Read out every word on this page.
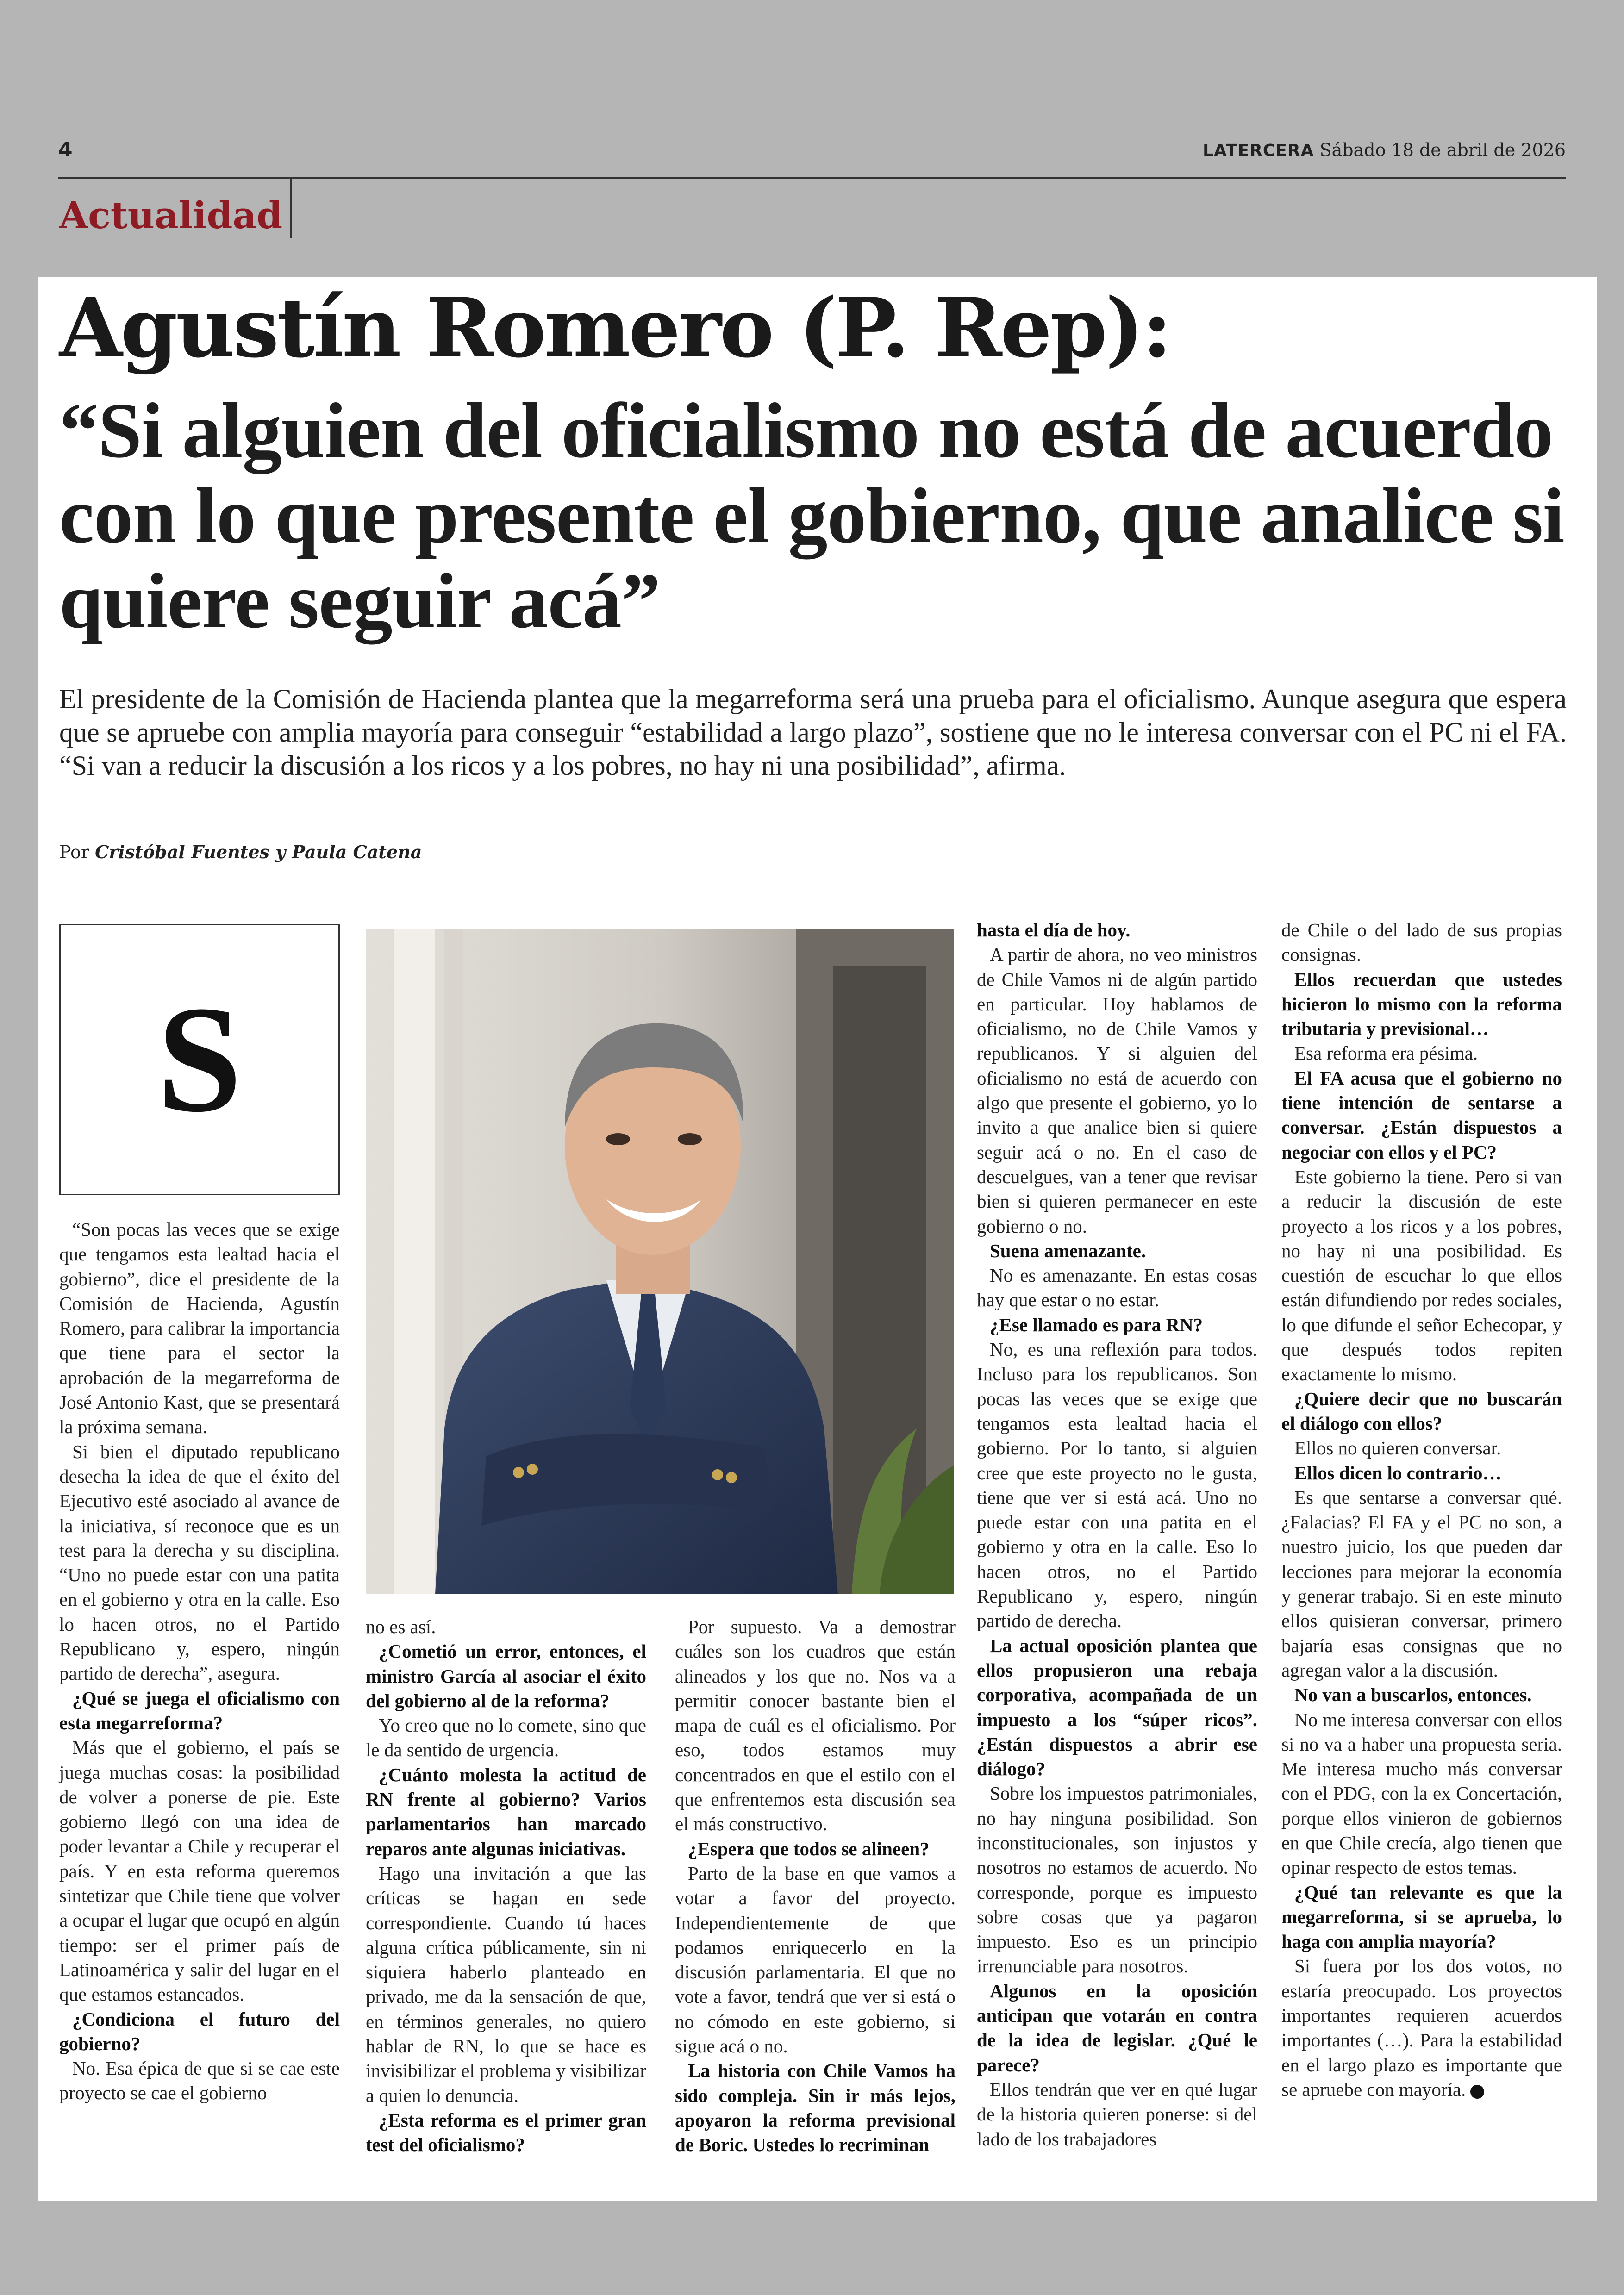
4	LATERCERA Sábado 18 de abril de 2026
Actualidad
Agustín Romero (P. Rep):
“Si alguien del oficialismo no está de acuerdo con lo que presente el gobierno, que analice si quiere seguir acá”

El presidente de la Comisión de Hacienda plantea que la megarreforma será una prueba para el oficialismo. Aunque asegura que espera que se apruebe con amplia mayoría para conseguir “estabilidad a largo plazo”, sostiene que no le interesa conversar con el PC ni el FA. “Si van a reducir la discusión a los ricos y a los pobres, no hay ni una posibilidad”, afirma.

Por Cristóbal Fuentes y Paula Catena
S

“Son pocas las veces que se exige que tengamos esta lealtad hacia el gobierno”, dice el presidente de la Comisión de Hacienda, Agustín Romero, para calibrar la importancia que tiene para el sector la aprobación de la megarreforma de José Antonio Kast, que se presentará la próxima semana.

Si bien el diputado republicano desecha la idea de que el éxito del Ejecutivo esté asociado al avance de la iniciativa, sí reconoce que es un test para la derecha y su disciplina. “Uno no puede estar con una patita en el gobierno y otra en la calle. Eso lo hacen otros, no el Partido Republicano y, espero, ningún partido de derecha”, asegura.

¿Qué se juega el oficialismo con esta megarreforma?

Más que el gobierno, el país se juega muchas cosas: la posibilidad de volver a ponerse de pie. Este gobierno llegó con una idea de poder levantar a Chile y recuperar el país. Y en esta reforma queremos sintetizar que Chile tiene que volver a ocupar el lugar que ocupó en algún tiempo: ser el primer país de Latinoamérica y salir del lugar en el que estamos estancados.

¿Condiciona el futuro del gobierno?

No. Esa épica de que si se cae este proyecto se cae el gobierno

no es así.

¿Cometió un error, entonces, el ministro García al asociar el éxito del gobierno al de la reforma?

Yo creo que no lo comete, sino que le da sentido de urgencia.

¿Cuánto molesta la actitud de RN frente al gobierno? Varios parlamentarios han marcado reparos ante algunas iniciativas.

Hago una invitación a que las críticas se hagan en sede correspondiente. Cuando tú haces alguna crítica públicamente, sin ni siquiera haberlo planteado en privado, me da la sensación de que, en términos generales, no quiero hablar de RN, lo que se hace es invisibilizar el problema y visibilizar a quien lo denuncia.

¿Esta reforma es el primer gran test del oficialismo?

Por supuesto. Va a demostrar cuáles son los cuadros que están alineados y los que no. Nos va a permitir conocer bastante bien el mapa de cuál es el oficialismo. Por eso, todos estamos muy concentrados en que el estilo con el que enfrentemos esta discusión sea el más constructivo.

¿Espera que todos se alineen?

Parto de la base en que vamos a votar a favor del proyecto. Independientemente de que podamos enriquecerlo en la discusión parlamentaria. El que no vote a favor, tendrá que ver si está o no cómodo en este gobierno, si sigue acá o no.

La historia con Chile Vamos ha sido compleja. Sin ir más lejos, apoyaron la reforma previsional de Boric. Ustedes lo recriminan

hasta el día de hoy.

A partir de ahora, no veo ministros de Chile Vamos ni de algún partido en particular. Hoy hablamos de oficialismo, no de Chile Vamos y republicanos. Y si alguien del oficialismo no está de acuerdo con algo que presente el gobierno, yo lo invito a que analice bien si quiere seguir acá o no. En el caso de descuelgues, van a tener que revisar bien si quieren permanecer en este gobierno o no.

Suena amenazante.

No es amenazante. En estas cosas hay que estar o no estar.

¿Ese llamado es para RN?

No, es una reflexión para todos. Incluso para los republicanos. Son pocas las veces que se exige que tengamos esta lealtad hacia el gobierno. Por lo tanto, si alguien cree que este proyecto no le gusta, tiene que ver si está acá. Uno no puede estar con una patita en el gobierno y otra en la calle. Eso lo hacen otros, no el Partido Republicano y, espero, ningún partido de derecha.

La actual oposición plantea que ellos propusieron una rebaja corporativa, acompañada de un impuesto a los “súper ricos”. ¿Están dispuestos a abrir ese diálogo?

Sobre los impuestos patrimoniales, no hay ninguna posibilidad. Son inconstitucionales, son injustos y nosotros no estamos de acuerdo. No corresponde, porque es impuesto sobre cosas que ya pagaron impuesto. Eso es un principio irrenunciable para nosotros.

Algunos en la oposición anticipan que votarán en contra de la idea de legislar. ¿Qué le parece?

Ellos tendrán que ver en qué lugar de la historia quieren ponerse: si del lado de los trabajadores

de Chile o del lado de sus propias consignas.

Ellos recuerdan que ustedes hicieron lo mismo con la reforma tributaria y previsional…

Esa reforma era pésima.

El FA acusa que el gobierno no tiene intención de sentarse a conversar. ¿Están dispuestos a negociar con ellos y el PC?

Este gobierno la tiene. Pero si van a reducir la discusión de este proyecto a los ricos y a los pobres, no hay ni una posibilidad. Es cuestión de escuchar lo que ellos están difundiendo por redes sociales, lo que difunde el señor Echecopar, y que después todos repiten exactamente lo mismo.

¿Quiere decir que no buscarán el diálogo con ellos?

Ellos no quieren conversar.

Ellos dicen lo contrario…

Es que sentarse a conversar qué. ¿Falacias? El FA y el PC no son, a nuestro juicio, los que pueden dar lecciones para mejorar la economía y generar trabajo. Si en este minuto ellos quisieran conversar, primero bajaría esas consignas que no agregan valor a la discusión.

No van a buscarlos, entonces.

No me interesa conversar con ellos si no va a haber una propuesta seria. Me interesa mucho más conversar con el PDG, con la ex Concertación, porque ellos vinieron de gobiernos en que Chile crecía, algo tienen que opinar respecto de estos temas.

¿Qué tan relevante es que la megarreforma, si se aprueba, lo haga con amplia mayoría?

Si fuera por los dos votos, no estaría preocupado. Los proyectos importantes requieren acuerdos importantes (…). Para la estabilidad en el largo plazo es importante que se apruebe con mayoría.
